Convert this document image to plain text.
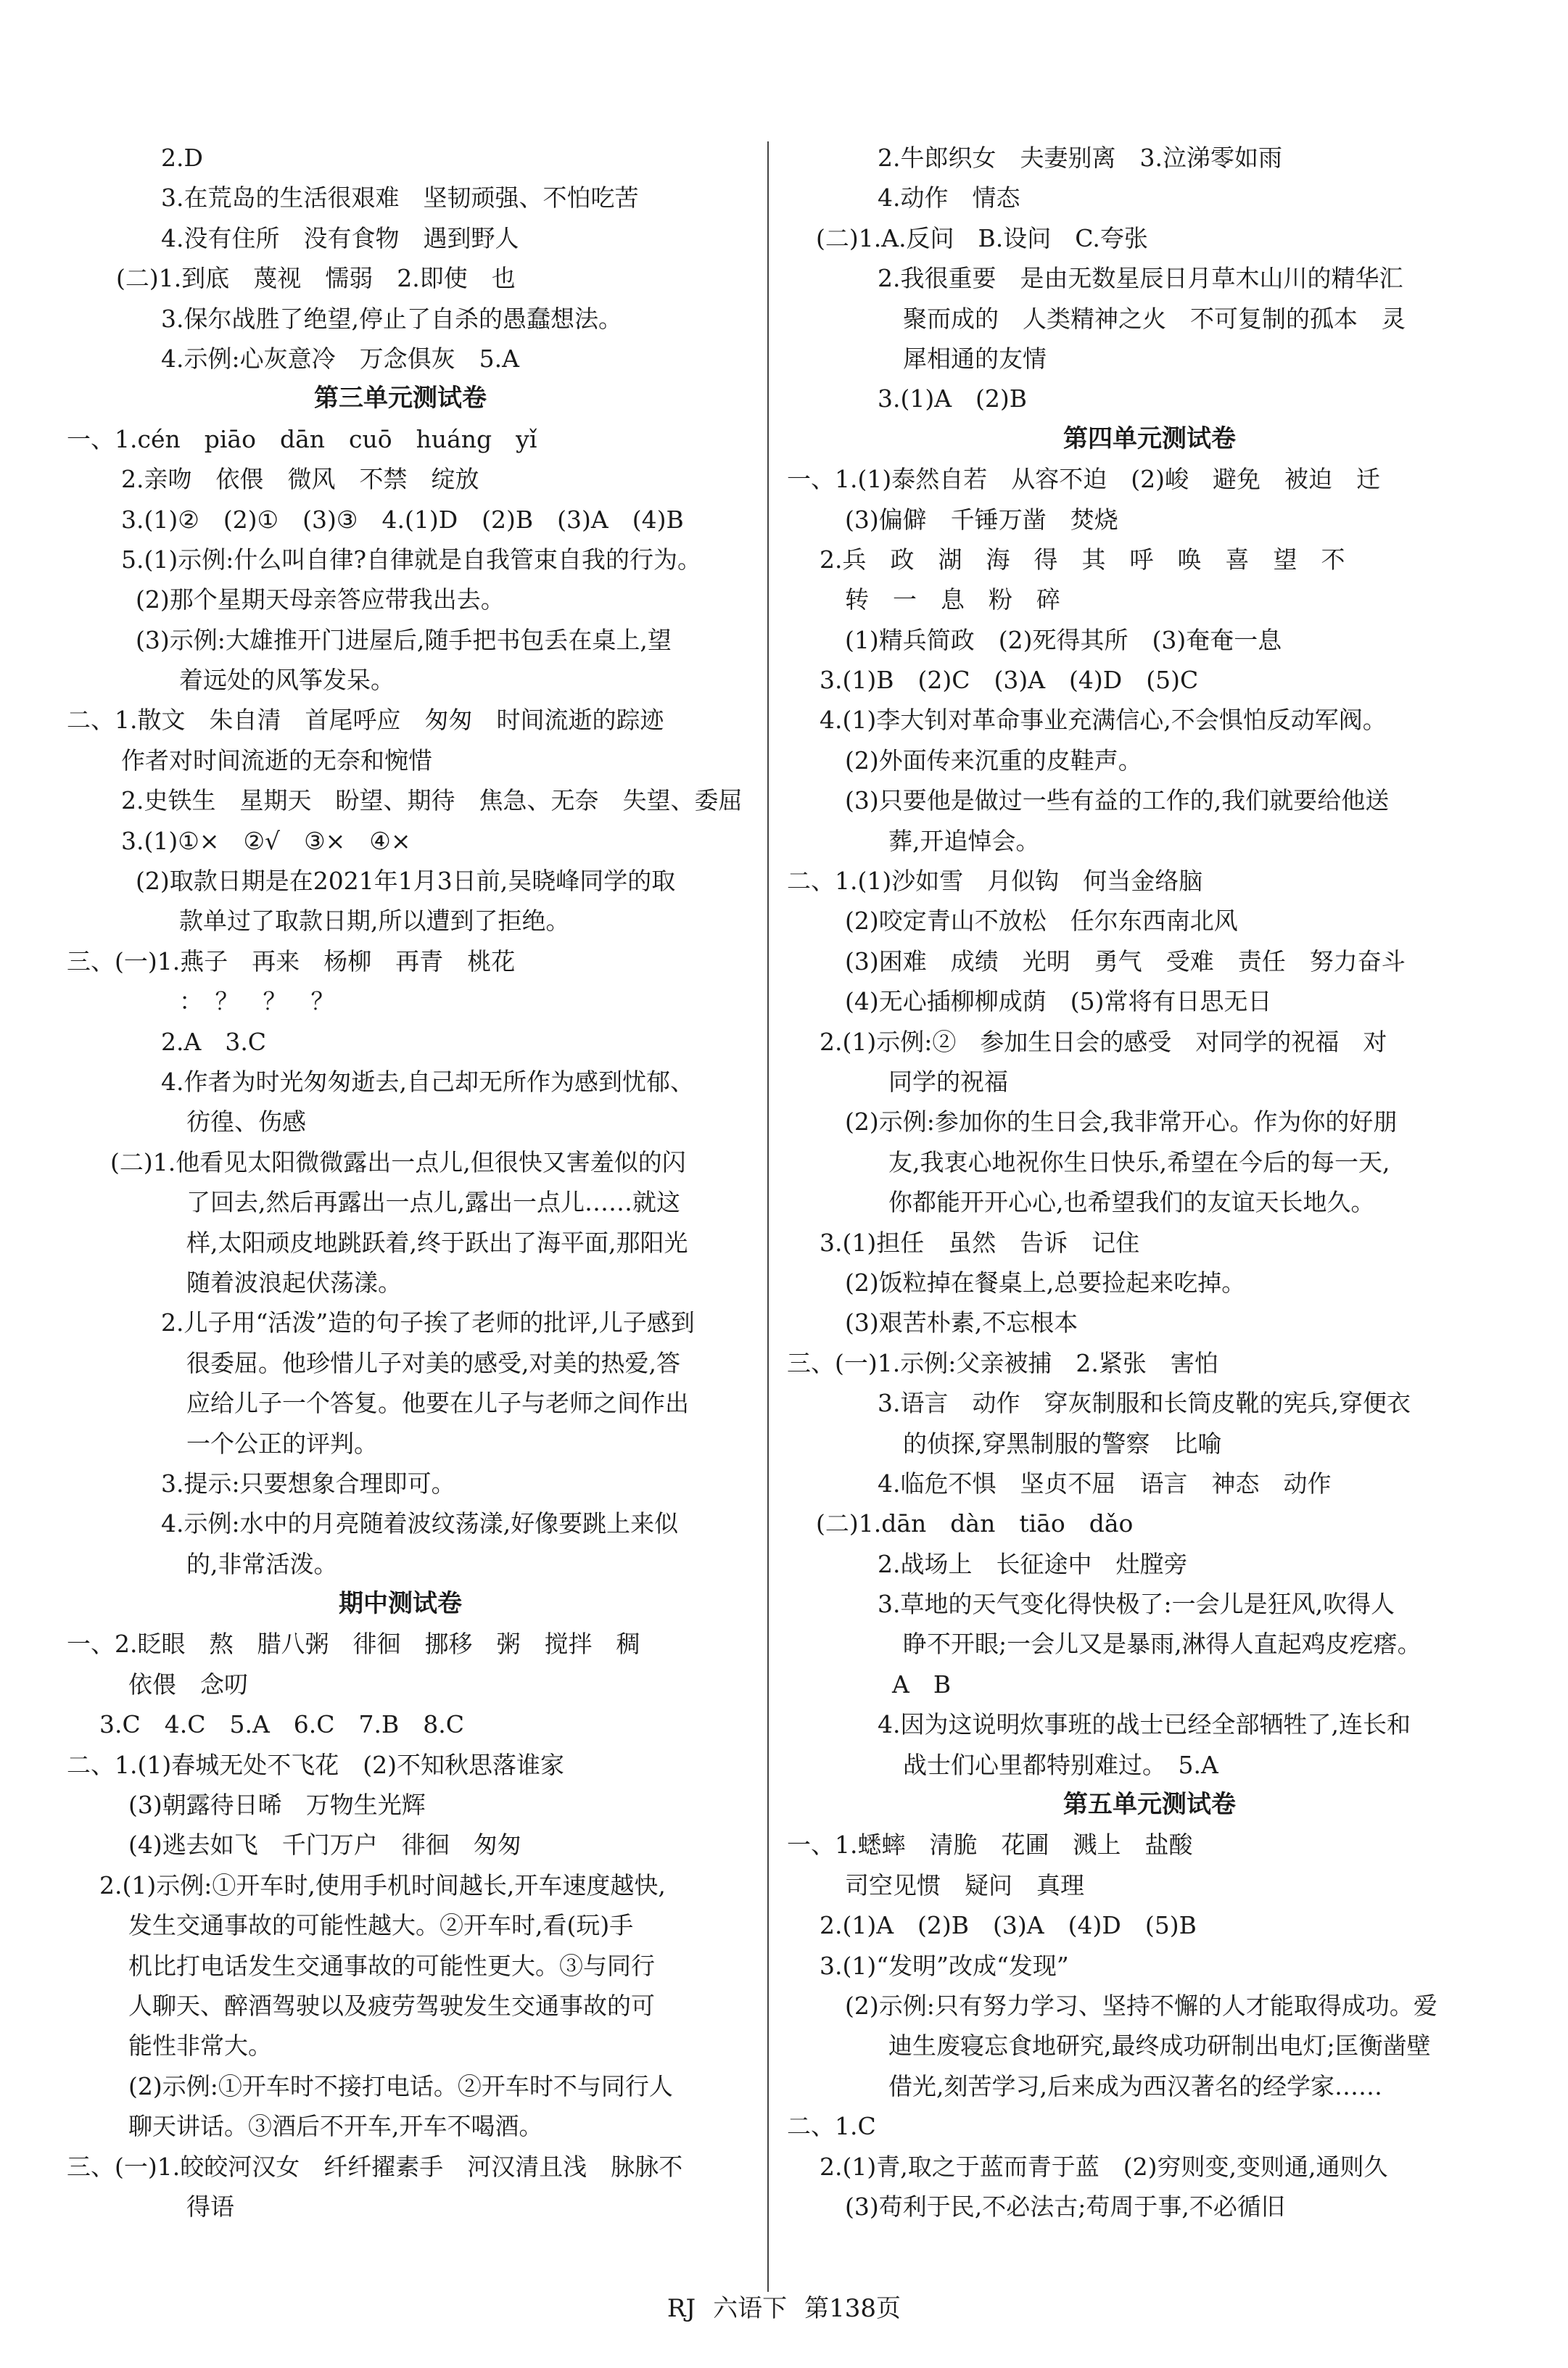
2.D
3.在荒岛的生活很艰难　坚韧顽强、不怕吃苦
4.没有住所　没有食物　遇到野人
(二)1.到底　蔑视　懦弱　2.即使　也
3.保尔战胜了绝望,停止了自杀的愚蠢想法。
4.示例:心灰意冷　万念俱灰　5.A
第三单元测试卷
一、1.cén　piāo　dān　cuō　huáng　yǐ
2.亲吻　依偎　微风　不禁　绽放
3.(1)②　(2)①　(3)③　4.(1)D　(2)B　(3)A　(4)B
5.(1)示例:什么叫自律?自律就是自我管束自我的行为。
(2)那个星期天母亲答应带我出去。
(3)示例:大雄推开门进屋后,随手把书包丢在桌上,望
着远处的风筝发呆。
二、1.散文　朱自清　首尾呼应　匆匆　时间流逝的踪迹
作者对时间流逝的无奈和惋惜
2.史铁生　星期天　盼望、期待　焦急、无奈　失望、委屈
3.(1)①×　②√　③×　④×
(2)取款日期是在2021年1月3日前,吴晓峰同学的取
款单过了取款日期,所以遭到了拒绝。
三、(一)1.燕子　再来　杨柳　再青　桃花
：　？　？　？
2.A　3.C
4.作者为时光匆匆逝去,自己却无所作为感到忧郁、
彷徨、伤感
(二)1.他看见太阳微微露出一点儿,但很快又害羞似的闪
了回去,然后再露出一点儿,露出一点儿……就这
样,太阳顽皮地跳跃着,终于跃出了海平面,那阳光
随着波浪起伏荡漾。
2.儿子用“活泼”造的句子挨了老师的批评,儿子感到
很委屈。他珍惜儿子对美的感受,对美的热爱,答
应给儿子一个答复。他要在儿子与老师之间作出
一个公正的评判。
3.提示:只要想象合理即可。
4.示例:水中的月亮随着波纹荡漾,好像要跳上来似
的,非常活泼。
期中测试卷
一、2.眨眼　熬　腊八粥　徘徊　挪移　粥　搅拌　稠
依偎　念叨
3.C　4.C　5.A　6.C　7.B　8.C
二、1.(1)春城无处不飞花　(2)不知秋思落谁家
(3)朝露待日晞　万物生光辉
(4)逃去如飞　千门万户　徘徊　匆匆
2.(1)示例:①开车时,使用手机时间越长,开车速度越快,
发生交通事故的可能性越大。②开车时,看(玩)手
机比打电话发生交通事故的可能性更大。③与同行
人聊天、醉酒驾驶以及疲劳驾驶发生交通事故的可
能性非常大。
(2)示例:①开车时不接打电话。②开车时不与同行人
聊天讲话。③酒后不开车,开车不喝酒。
三、(一)1.皎皎河汉女　纤纤擢素手　河汉清且浅　脉脉不
得语
2.牛郎织女　夫妻别离　3.泣涕零如雨
4.动作　情态
(二)1.A.反问　B.设问　C.夸张
2.我很重要　是由无数星辰日月草木山川的精华汇
聚而成的　人类精神之火　不可复制的孤本　灵
犀相通的友情
3.(1)A　(2)B
第四单元测试卷
一、1.(1)泰然自若　从容不迫　(2)峻　避免　被迫　迁
(3)偏僻　千锤万凿　焚烧
2.兵　政　湖　海　得　其　呼　唤　喜　望　不
转　一　息　粉　碎
(1)精兵简政　(2)死得其所　(3)奄奄一息
3.(1)B　(2)C　(3)A　(4)D　(5)C
4.(1)李大钊对革命事业充满信心,不会惧怕反动军阀。
(2)外面传来沉重的皮鞋声。
(3)只要他是做过一些有益的工作的,我们就要给他送
葬,开追悼会。
二、1.(1)沙如雪　月似钩　何当金络脑
(2)咬定青山不放松　任尔东西南北风
(3)困难　成绩　光明　勇气　受难　责任　努力奋斗
(4)无心插柳柳成荫　(5)常将有日思无日
2.(1)示例:②　参加生日会的感受　对同学的祝福　对
同学的祝福
(2)示例:参加你的生日会,我非常开心。作为你的好朋
友,我衷心地祝你生日快乐,希望在今后的每一天,
你都能开开心心,也希望我们的友谊天长地久。
3.(1)担任　虽然　告诉　记住
(2)饭粒掉在餐桌上,总要捡起来吃掉。
(3)艰苦朴素,不忘根本
三、(一)1.示例:父亲被捕　2.紧张　害怕
3.语言　动作　穿灰制服和长筒皮靴的宪兵,穿便衣
的侦探,穿黑制服的警察　比喻
4.临危不惧　坚贞不屈　语言　神态　动作
(二)1.dān　dàn　tiāo　dǎo
2.战场上　长征途中　灶膛旁
3.草地的天气变化得快极了:一会儿是狂风,吹得人
睁不开眼;一会儿又是暴雨,淋得人直起鸡皮疙瘩。
A　B
4.因为这说明炊事班的战士已经全部牺牲了,连长和
战士们心里都特别难过。　5.A
第五单元测试卷
一、1.蟋蟀　清脆　花圃　溅上　盐酸
司空见惯　疑问　真理
2.(1)A　(2)B　(3)A　(4)D　(5)B
3.(1)“发明”改成“发现”
(2)示例:只有努力学习、坚持不懈的人才能取得成功。爱
迪生废寝忘食地研究,最终成功研制出电灯;匡衡凿壁
借光,刻苦学习,后来成为西汉著名的经学家……
二、1.C
2.(1)青,取之于蓝而青于蓝　(2)穷则变,变则通,通则久
(3)苟利于民,不必法古;苟周于事,不必循旧
RJ 六语下 第138页
